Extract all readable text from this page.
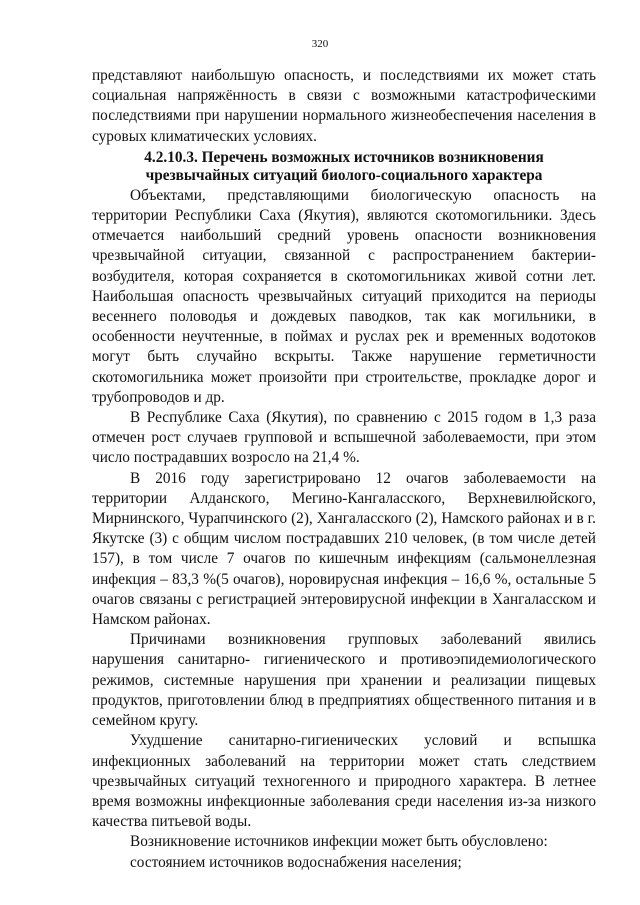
320

представляют наибольшую опасность, и последствиями их может стать социальная напряжённость в связи с возможными катастрофическими последствиями при нарушении нормального жизнеобеспечения населения в суровых климатических условиях.

4.2.10.3. Перечень возможных источников возникновения
чрезвычайных ситуаций биолого-социального характера

Объектами, представляющими биологическую опасность на территории Республики Саха (Якутия), являются скотомогильники. Здесь отмечается наибольший средний уровень опасности возникновения чрезвычайной ситуации, связанной с распространением бактерии-возбудителя, которая сохраняется в скотомогильниках живой сотни лет. Наибольшая опасность чрезвычайных ситуаций приходится на периоды весеннего половодья и дождевых паводков, так как могильники, в особенности неучтенные, в поймах и руслах рек и временных водотоков могут быть случайно вскрыты. Также нарушение герметичности скотомогильника может произойти при строительстве, прокладке дорог и трубопроводов и др.

В Республике Саха (Якутия), по сравнению с 2015 годом в 1,3 раза отмечен рост случаев групповой и вспышечной заболеваемости, при этом число пострадавших возросло на 21,4 %.

В 2016 году зарегистрировано 12 очагов заболеваемости на территории Алданского, Мегино-Кангаласского, Верхневилюйского, Мирнинского, Чурапчинского (2), Хангаласского (2), Намского районах и в г. Якутске (3) с общим числом пострадавших 210 человек, (в том числе детей 157), в том числе 7 очагов по кишечным инфекциям (сальмонеллезная инфекция – 83,3 %(5 очагов), норовирусная инфекция – 16,6 %, остальные 5 очагов связаны с регистрацией энтеровирусной инфекции в Хангаласском и Намском районах.

Причинами возникновения групповых заболеваний явились нарушения санитарно- гигиенического и противоэпидемиологического режимов, системные нарушения при хранении и реализации пищевых продуктов, приготовлении блюд в предприятиях общественного питания и в семейном кругу.

Ухудшение санитарно-гигиенических условий и вспышка инфекционных заболеваний на территории может стать следствием чрезвычайных ситуаций техногенного и природного характера. В летнее время возможны инфекционные заболевания среди населения из-за низкого качества питьевой воды.

Возникновение источников инфекции может быть обусловлено:

состоянием источников водоснабжения населения;
